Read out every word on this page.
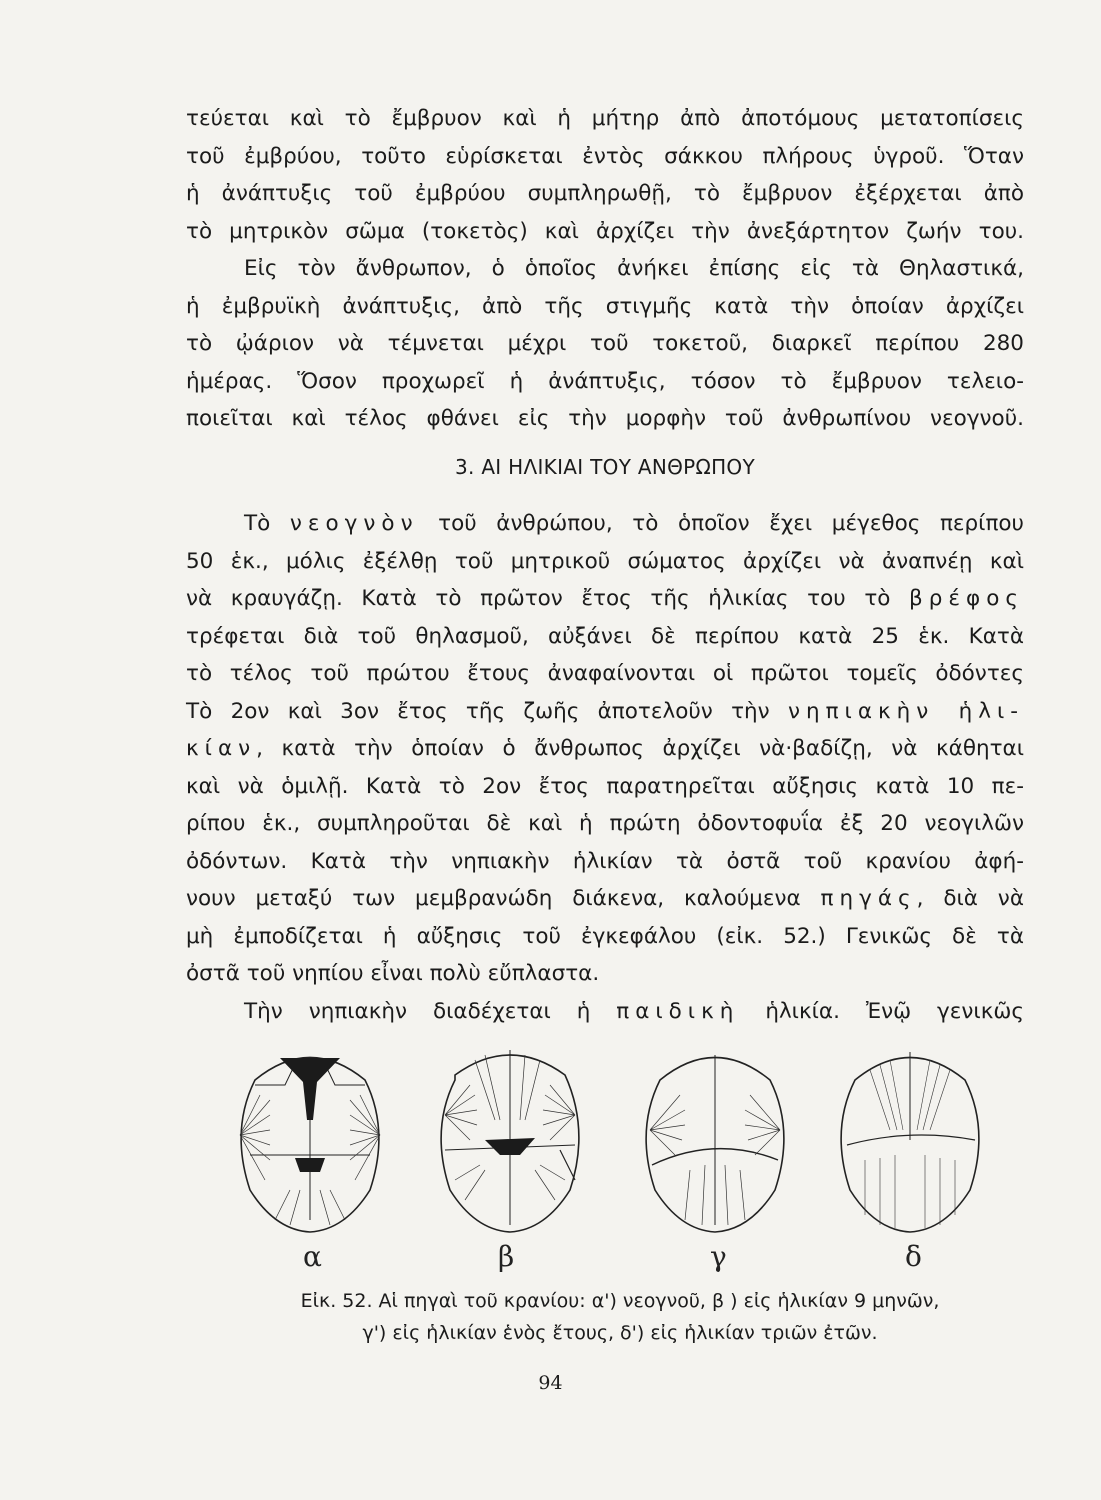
τεύεται καὶ τὸ ἔμβρυον καὶ ἡ μήτηρ ἀπὸ ἀποτόμους μετατοπίσεις
τοῦ ἐμβρύου, τοῦτο εὑρίσκεται ἐντὸς σάκκου πλήρους ὑγροῦ. Ὅταν
ἡ ἀνάπτυξις τοῦ ἐμβρύου συμπληρωθῇ, τὸ ἔμβρυον ἐξέρχεται ἀπὸ
τὸ μητρικὸν σῶμα (τοκετὸς) καὶ ἀρχίζει τὴν ἀνεξάρτητον ζωήν του.
Εἰς τὸν ἄνθρωπον, ὁ ὁποῖος ἀνήκει ἐπίσης εἰς τὰ Θηλαστικά,
ἡ ἐμβρυϊκὴ ἀνάπτυξις, ἀπὸ τῆς στιγμῆς κατὰ τὴν ὁποίαν ἀρχίζει
τὸ ᾠάριον νὰ τέμνεται μέχρι τοῦ τοκετοῦ, διαρκεῖ περίπου 280
ἡμέρας. Ὅσον προχωρεῖ ἡ ἀνάπτυξις, τόσον τὸ ἔμβρυον τελειο-
ποιεῖται καὶ τέλος φθάνει εἰς τὴν μορφὴν τοῦ ἀνθρωπίνου νεογνοῦ.
3. ΑΙ ΗΛΙΚΙΑΙ ΤΟΥ ΑΝΘΡΩΠΟΥ
Τὸ νεογνὸν τοῦ ἀνθρώπου, τὸ ὁποῖον ἔχει μέγεθος περίπου
50 ἑκ., μόλις ἐξέλθῃ τοῦ μητρικοῦ σώματος ἀρχίζει νὰ ἀναπνέῃ καὶ
νὰ κραυγάζῃ. Κατὰ τὸ πρῶτον ἔτος τῆς ἡλικίας του τὸ βρέφος
τρέφεται διὰ τοῦ θηλασμοῦ, αὐξάνει δὲ περίπου κατὰ 25 ἑκ. Κατὰ
τὸ τέλος τοῦ πρώτου ἔτους ἀναφαίνονται οἱ πρῶτοι τομεῖς ὀδόντες
Τὸ 2ον καὶ 3ον ἔτος τῆς ζωῆς ἀποτελοῦν τὴν νηπιακὴν ἡλι-
κίαν, κατὰ τὴν ὁποίαν ὁ ἄνθρωπος ἀρχίζει νὰ·βαδίζῃ, νὰ κάθηται
καὶ νὰ ὁμιλῇ. Κατὰ τὸ 2ον ἔτος παρατηρεῖται αὔξησις κατὰ 10 πε-
ρίπου ἑκ., συμπληροῦται δὲ καὶ ἡ πρώτη ὀδοντοφυΐα ἐξ 20 νεογιλῶν
ὀδόντων. Κατὰ τὴν νηπιακὴν ἡλικίαν τὰ ὀστᾶ τοῦ κρανίου ἀφή-
νουν μεταξύ των μεμβρανώδη διάκενα, καλούμενα πηγάς, διὰ νὰ
μὴ ἐμποδίζεται ἡ αὔξησις τοῦ ἐγκεφάλου (εἰκ. 52.) Γενικῶς δὲ τὰ
ὀστᾶ τοῦ νηπίου εἶναι πολὺ εὔπλαστα.
Τὴν νηπιακὴν διαδέχεται ἡ παιδικὴ ἡλικία. Ἐνῷ γενικῶς
α	β	γ	δ
Εἰκ. 52. Αἱ πηγαὶ τοῦ κρανίου: α') νεογνοῦ, β ) εἰς ἡλικίαν 9 μηνῶν,
γ') εἰς ἡλικίαν ἑνὸς ἔτους, δ') εἰς ἡλικίαν τριῶν ἐτῶν.
94
